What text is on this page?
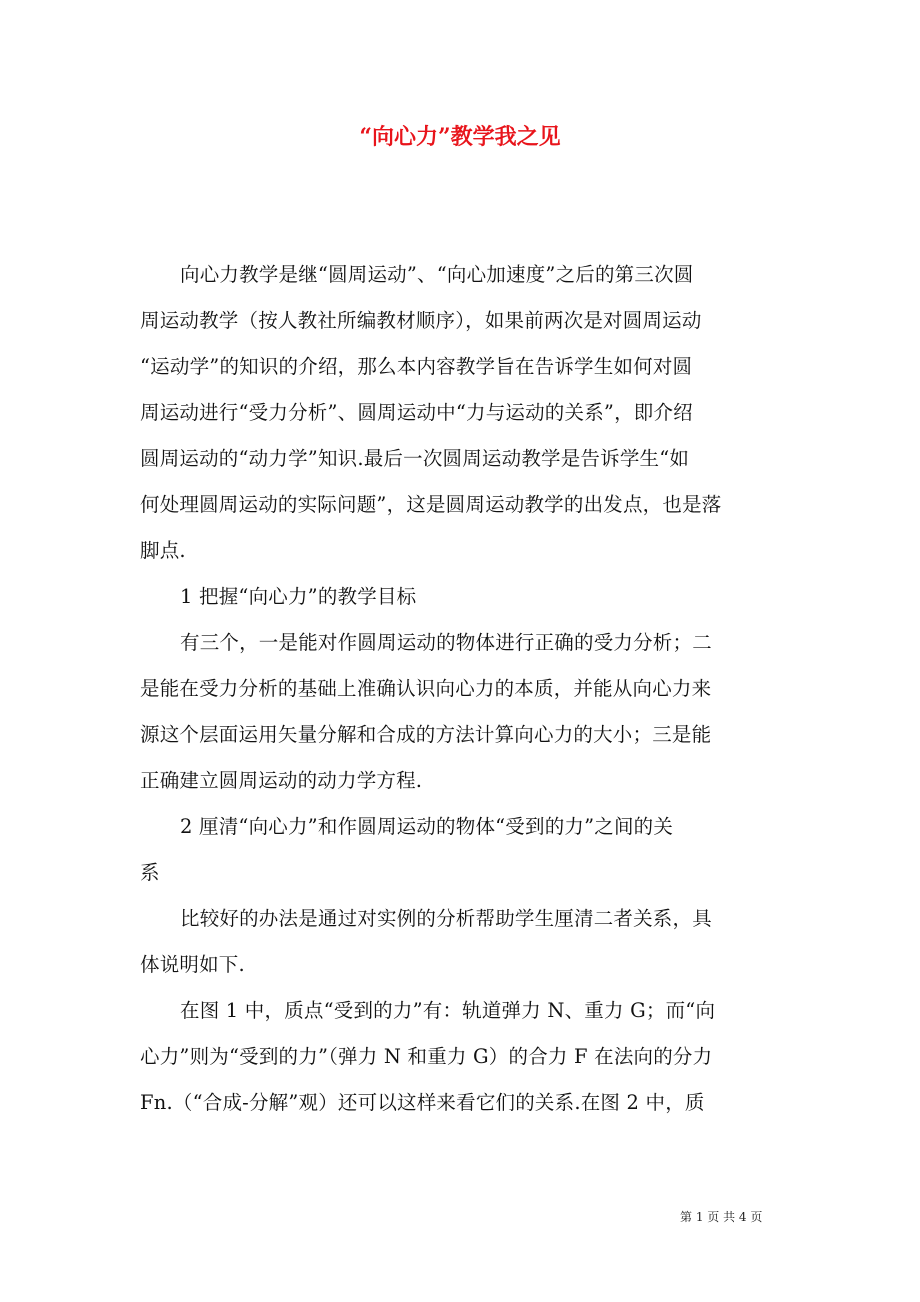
“向心力”教学我之见
向心力教学是继“圆周运动”、“向心加速度”之后的第三次圆
周运动教学（按人教社所编教材顺序），如果前两次是对圆周运动
“运动学”的知识的介绍，那么本内容教学旨在告诉学生如何对圆
周运动进行“受力分析”、圆周运动中“力与运动的关系”，即介绍
圆周运动的“动力学”知识.最后一次圆周运动教学是告诉学生“如
何处理圆周运动的实际问题”，这是圆周运动教学的出发点，也是落
脚点.
1 把握“向心力”的教学目标
有三个，一是能对作圆周运动的物体进行正确的受力分析；二
是能在受力分析的基础上准确认识向心力的本质，并能从向心力来
源这个层面运用矢量分解和合成的方法计算向心力的大小；三是能
正确建立圆周运动的动力学方程.
2 厘清“向心力”和作圆周运动的物体“受到的力”之间的关
系
比较好的办法是通过对实例的分析帮助学生厘清二者关系，具
体说明如下.
在图 1 中，质点“受到的力”有：轨道弹力 N、重力 G；而“向
心力”则为“受到的力”（弹力 N 和重力 G）的合力 F 在法向的分力
Fn.（“合成-分解”观）还可以这样来看它们的关系.在图 2 中，质
第 1 页 共 4 页
